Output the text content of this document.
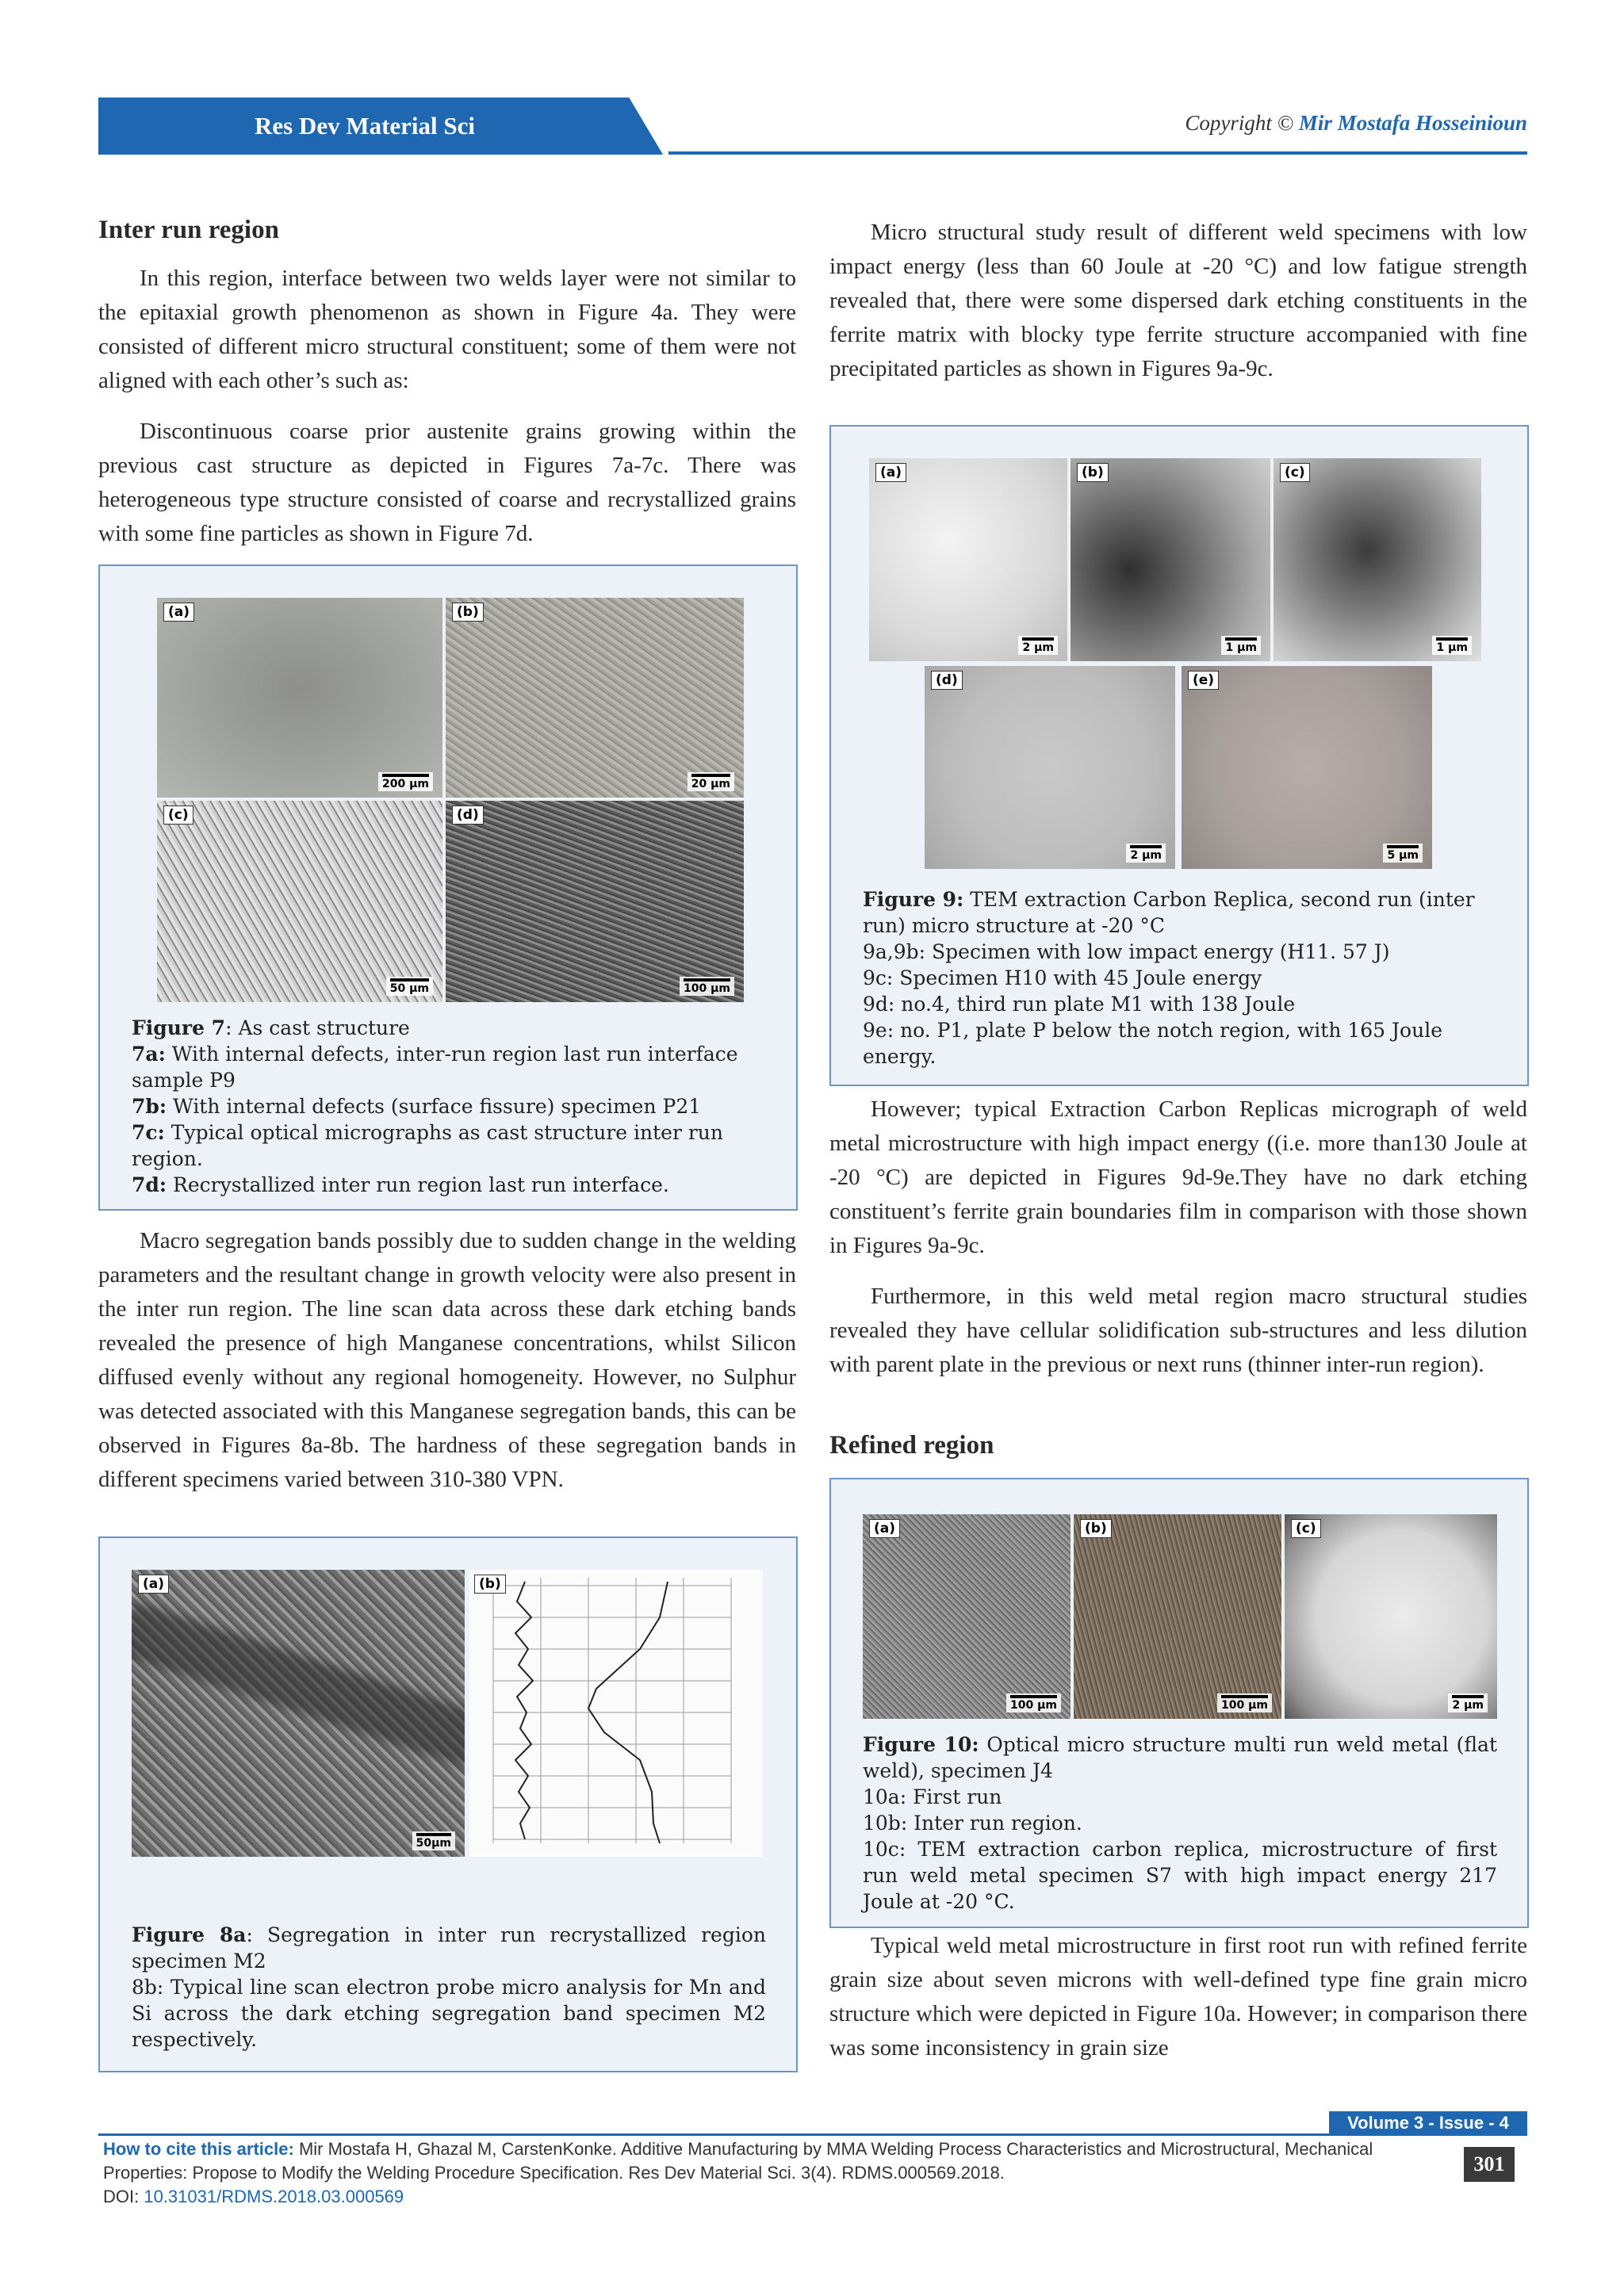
Res Dev Material Sci	Copyright © Mir Mostafa Hosseinioun
Inter run region

In this region, interface between two welds layer were not similar to the epitaxial growth phenomenon as shown in Figure 4a. They were consisted of different micro structural constituent; some of them were not aligned with each other’s such as:

Discontinuous coarse prior austenite grains growing within the previous cast structure as depicted in Figures 7a-7c. There was heterogeneous type structure consisted of coarse and recrystallized grains with some fine particles as shown in Figure 7d.

(a)
200 µm
(b)
20 µm
(c)
50 µm
(d)
100 µm
Figure 7: As cast structure
7a: With internal defects, inter-run region last run interface sample P9
7b: With internal defects (surface fissure) specimen P21
7c: Typical optical micrographs as cast structure inter run region.
7d: Recrystallized inter run region last run interface.

Macro segregation bands possibly due to sudden change in the welding parameters and the resultant change in growth velocity were also present in the inter run region. The line scan data across these dark etching bands revealed the presence of high Manganese concentrations, whilst Silicon diffused evenly without any regional homogeneity. However, no Sulphur was detected associated with this Manganese segregation bands, this can be observed in Figures 8a-8b. The hardness of these segregation bands in different specimens varied between 310-380 VPN.

(a)
50µm
(b)
Figure 8a: Segregation in inter run recrystallized region specimen M2
8b: Typical line scan electron probe micro analysis for Mn and Si across the dark etching segregation band specimen M2 respectively.

Micro structural study result of different weld specimens with low impact energy (less than 60 Joule at -20 °C) and low fatigue strength revealed that, there were some dispersed dark etching constituents in the ferrite matrix with blocky type ferrite structure accompanied with fine precipitated particles as shown in Figures 9a-9c.

(a)
2 µm
(b)
1 µm
(c)
1 µm
(d)
2 µm
(e)
5 µm
Figure 9: TEM extraction Carbon Replica, second run (inter run) micro structure at -20 °C
9a,9b: Specimen with low impact energy (H11. 57 J)
9c: Specimen H10 with 45 Joule energy
9d: no.4, third run plate M1 with 138 Joule
9e: no. P1, plate P below the notch region, with 165 Joule energy.

However; typical Extraction Carbon Replicas micrograph of weld metal microstructure with high impact energy ((i.e. more than130 Joule at -20 °C) are depicted in Figures 9d-9e.They have no dark etching constituent’s ferrite grain boundaries film in comparison with those shown in Figures 9a-9c.

Furthermore, in this weld metal region macro structural studies revealed they have cellular solidification sub-structures and less dilution with parent plate in the previous or next runs (thinner inter-run region).

Refined region
(a)
100 µm
(b)
100 µm
(c)
2 µm
Figure 10: Optical micro structure multi run weld metal (flat weld), specimen J4
10a: First run
10b: Inter run region.
10c: TEM extraction carbon replica, microstructure of first run weld metal specimen S7 with high impact energy 217 Joule at -20 °C.

Typical weld metal microstructure in first root run with refined ferrite grain size about seven microns with well-defined type fine grain micro structure which were depicted in Figure 10a. However; in comparison there was some inconsistency in grain size

Volume 3 - Issue - 4
How to cite this article: Mir Mostafa H, Ghazal M, CarstenKonke. Additive Manufacturing by MMA Welding Process Characteristics and Microstructural, Mechanical Properties: Propose to Modify the Welding Procedure Specification. Res Dev Material Sci. 3(4). RDMS.000569.2018.
DOI: 10.31031/RDMS.2018.03.000569
301
